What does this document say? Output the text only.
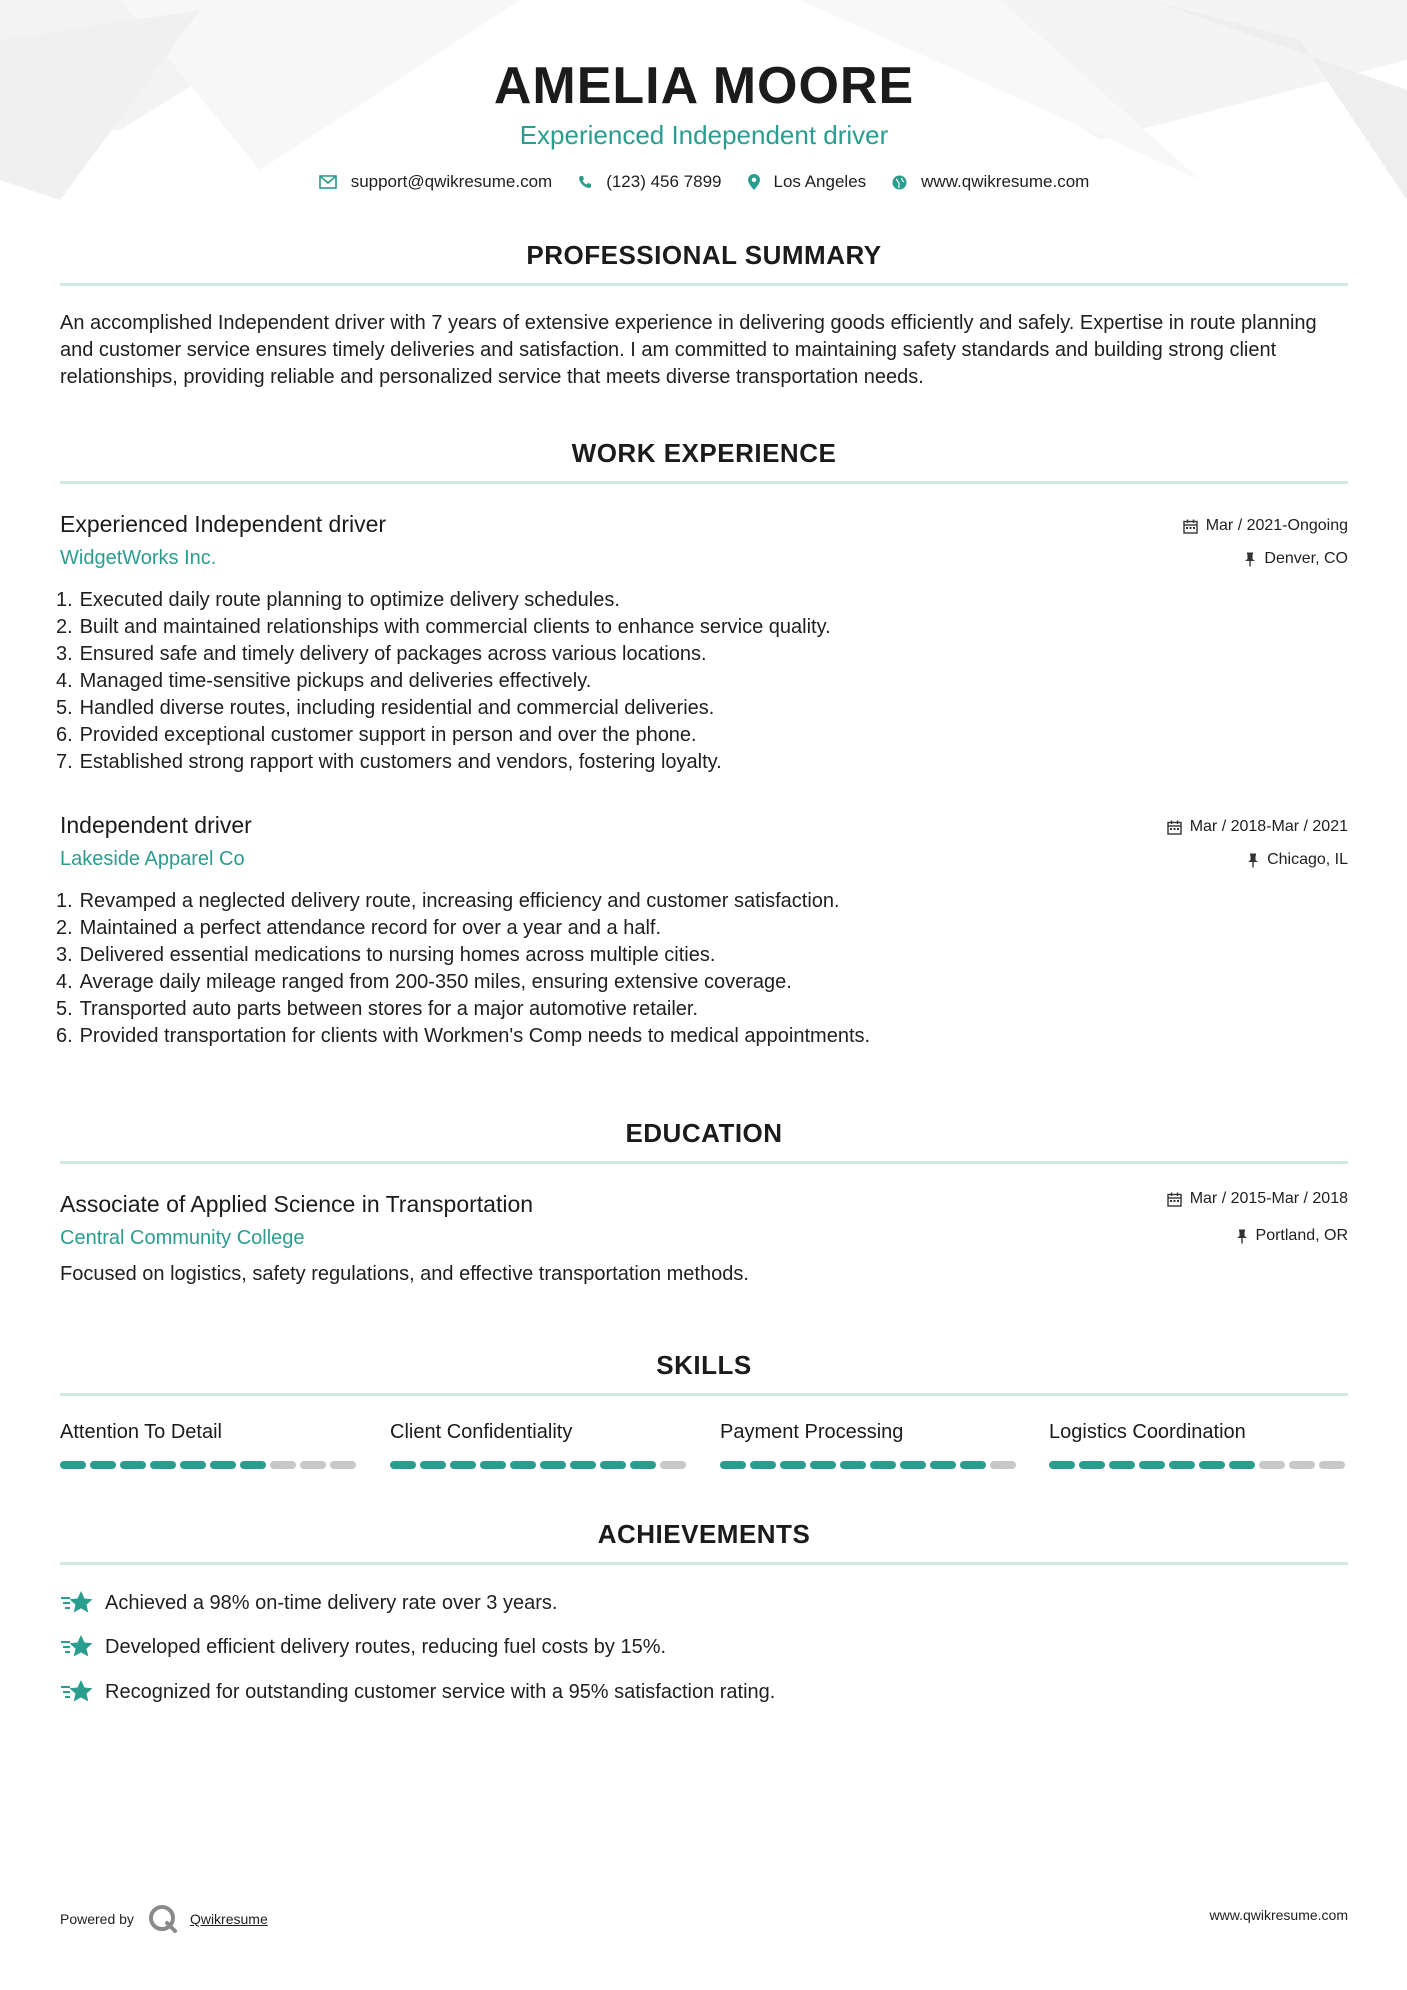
AMELIA MOORE
Experienced Independent driver
support@qwikresume.com	(123) 456 7899	Los Angeles	www.qwikresume.com
PROFESSIONAL SUMMARY
An accomplished Independent driver with 7 years of extensive experience in delivering goods efficiently and safely. Expertise in route planning and customer service ensures timely deliveries and satisfaction. I am committed to maintaining safety standards and building strong client relationships, providing reliable and personalized service that meets diverse transportation needs.
WORK EXPERIENCE
Experienced Independent driver
WidgetWorks Inc.
Mar / 2021-Ongoing
Denver, CO
1.
Executed daily route planning to optimize delivery schedules.
2.
Built and maintained relationships with commercial clients to enhance service quality.
3.
Ensured safe and timely delivery of packages across various locations.
4.
Managed time-sensitive pickups and deliveries effectively.
5.
Handled diverse routes, including residential and commercial deliveries.
6.
Provided exceptional customer support in person and over the phone.
7.
Established strong rapport with customers and vendors, fostering loyalty.
Independent driver
Lakeside Apparel Co
Mar / 2018-Mar / 2021
Chicago, IL
1.
Revamped a neglected delivery route, increasing efficiency and customer satisfaction.
2.
Maintained a perfect attendance record for over a year and a half.
3.
Delivered essential medications to nursing homes across multiple cities.
4.
Average daily mileage ranged from 200-350 miles, ensuring extensive coverage.
5.
Transported auto parts between stores for a major automotive retailer.
6.
Provided transportation for clients with Workmen's Comp needs to medical appointments.
EDUCATION
Associate of Applied Science in Transportation
Central Community College
Mar / 2015-Mar / 2018
Portland, OR
Focused on logistics, safety regulations, and effective transportation methods.
SKILLS
Attention To Detail	Client Confidentiality	Payment Processing	Logistics Coordination
ACHIEVEMENTS
Achieved a 98% on-time delivery rate over 3 years.
Developed efficient delivery routes, reducing fuel costs by 15%.
Recognized for outstanding customer service with a 95% satisfaction rating.
Powered by	Qwikresume	www.qwikresume.com
